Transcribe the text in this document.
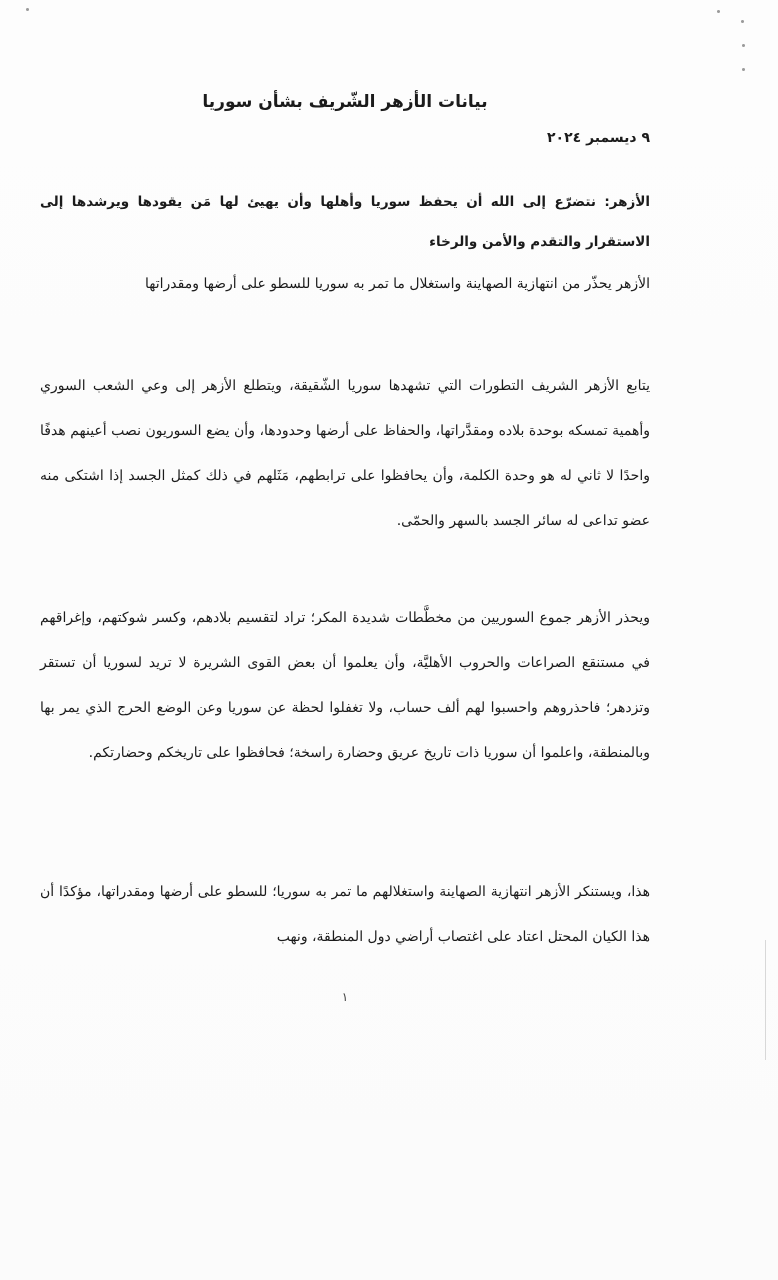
بيانات الأزهر الشّريف بشأن سوريا
٩ ديسمبر ٢٠٢٤
الأزهر: نتضرّع إلى الله أن يحفظ سوريا وأهلها وأن يهيئ لها مَن يقودها ويرشدها إلى الاستقرار والتقدم والأمن والرخاء
الأزهر يحذّر من انتهازية الصهاينة واستغلال ما تمر به سوريا للسطو على أرضها ومقدراتها
يتابع الأزهر الشريف التطورات التي تشهدها سوريا الشّقيقة، ويتطلع الأزهر إلى وعي الشعب السوري وأهمية تمسكه بوحدة بلاده ومقدَّراتها، والحفاظ على أرضها وحدودها، وأن يضع السوريون نصب أعينهم هدفًا واحدًا لا ثاني له هو وحدة الكلمة، وأن يحافظوا على ترابطهم، مَثَلهم في ذلك كمثل الجسد إذا اشتكى منه عضو تداعى له سائر الجسد بالسهر والحمّى.
ويحذر الأزهر جموع السوريين من مخطَّطات شديدة المكر؛ تراد لتقسيم بلادهم، وكسر شوكتهم، وإغراقهم في مستنقع الصراعات والحروب الأهليَّة، وأن يعلموا أن بعض القوى الشريرة لا تريد لسوريا أن تستقر وتزدهر؛ فاحذروهم واحسبوا لهم ألف حساب، ولا تغفلوا لحظة عن سوريا وعن الوضع الحرج الذي يمر بها وبالمنطقة، واعلموا أن سوريا ذات تاريخ عريق وحضارة راسخة؛ فحافظوا على تاريخكم وحضارتكم.
هذا، ويستنكر الأزهر انتهازية الصهاينة واستغلالهم ما تمر به سوريا؛ للسطو على أرضها ومقدراتها، مؤكدًا أن هذا الكيان المحتل اعتاد على اغتصاب أراضي دول المنطقة، ونهب
١
